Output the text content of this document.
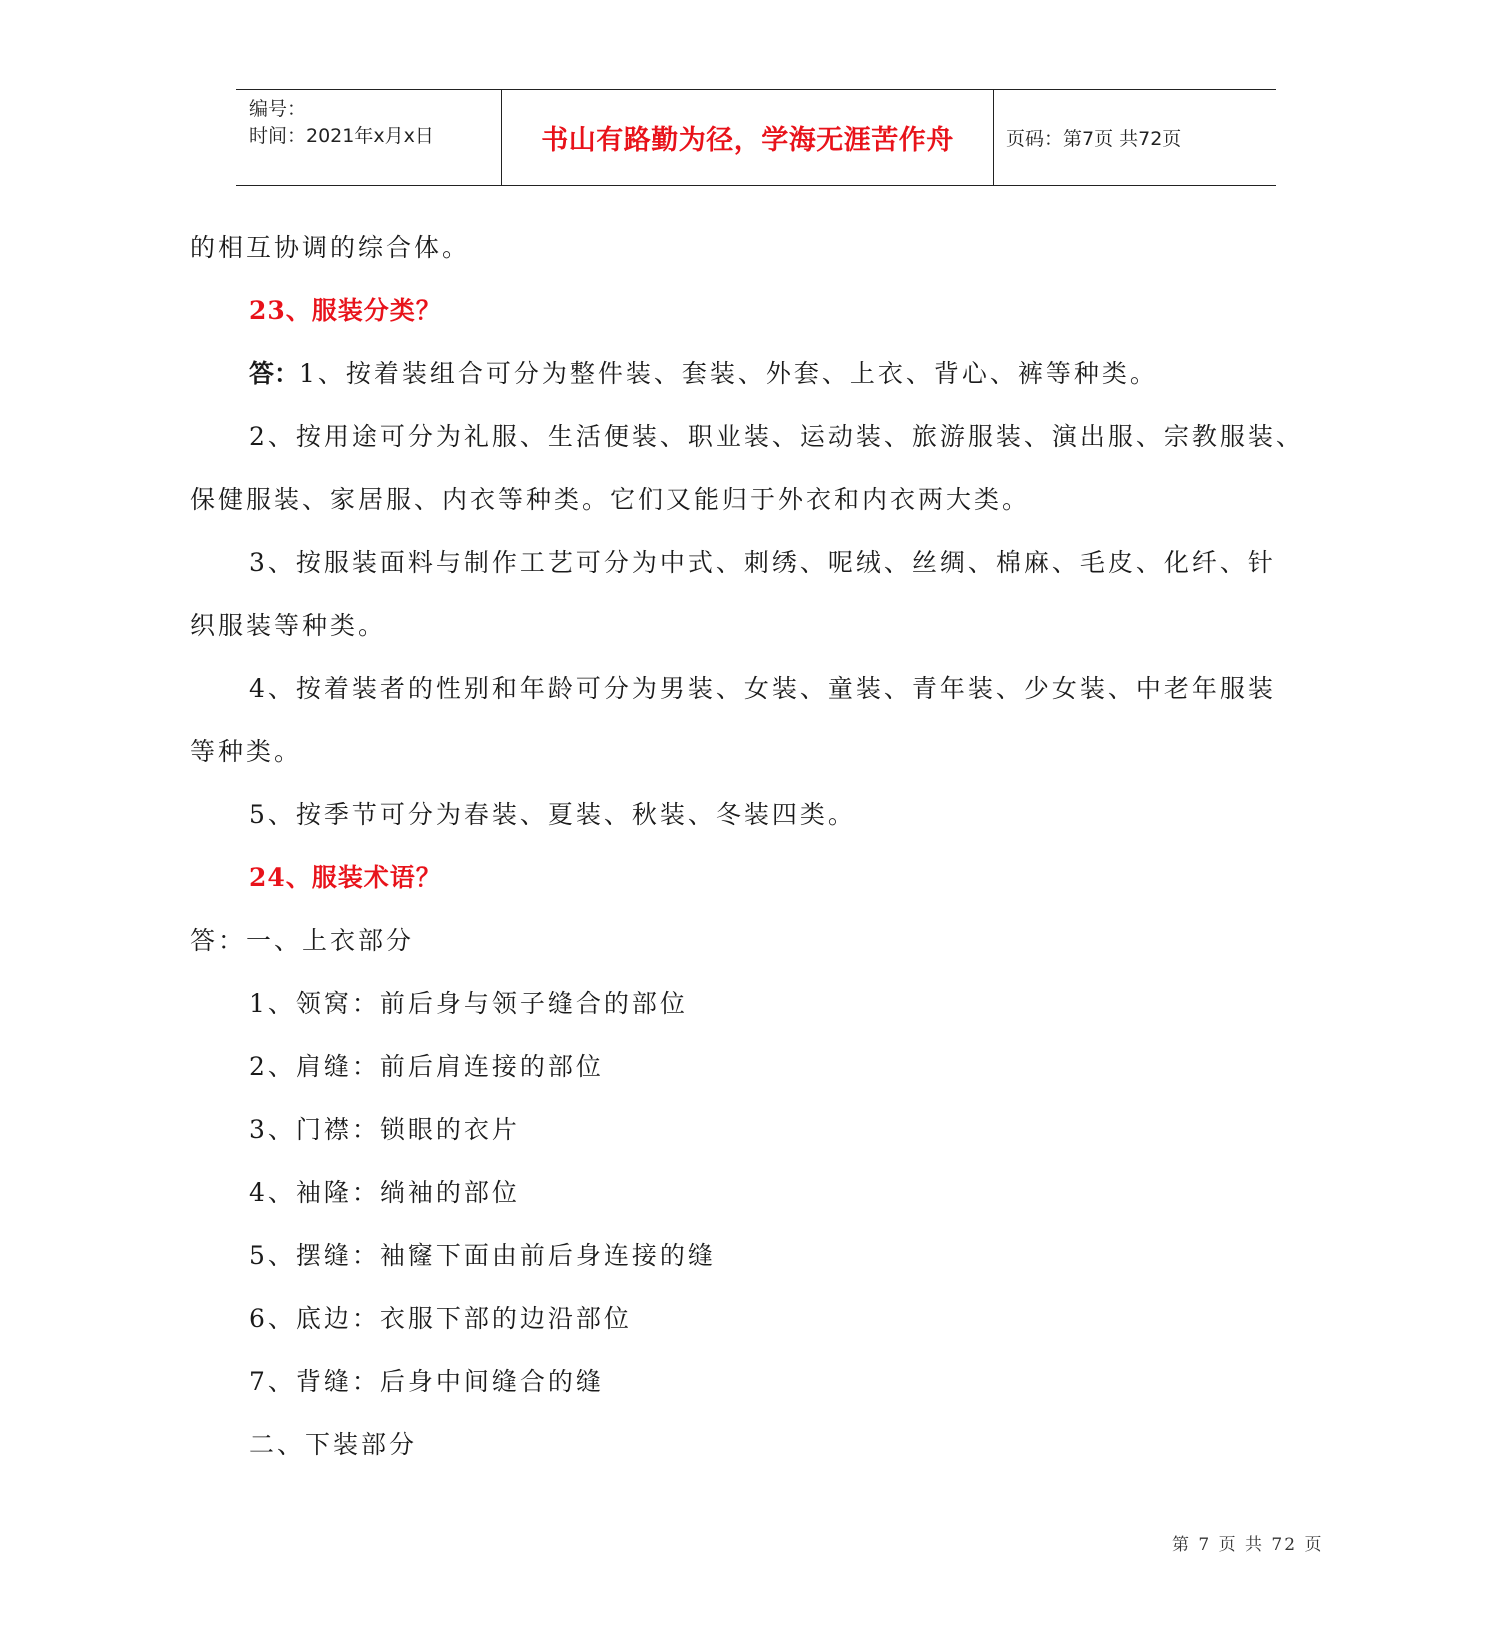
编号：
时间：2021年x月x日	书山有路勤为径，学海无涯苦作舟	页码：第7页 共72页
的相互协调的综合体。
23、服装分类？
答：1、按着装组合可分为整件装、套装、外套、上衣、背心、裤等种类。
2、按用途可分为礼服、生活便装、职业装、运动装、旅游服装、演出服、宗教服装、
保健服装、家居服、内衣等种类。它们又能归于外衣和内衣两大类。
3、按服装面料与制作工艺可分为中式、刺绣、呢绒、丝绸、棉麻、毛皮、化纤、针
织服装等种类。
4、按着装者的性别和年龄可分为男装、女装、童装、青年装、少女装、中老年服装
等种类。
5、按季节可分为春装、夏装、秋装、冬装四类。
24、服装术语？
答：一、上衣部分
1、领窝：前后身与领子缝合的部位
2、肩缝：前后肩连接的部位
3、门襟：锁眼的衣片
4、袖隆：绱袖的部位
5、摆缝：袖窿下面由前后身连接的缝
6、底边：衣服下部的边沿部位
7、背缝：后身中间缝合的缝
二、下装部分
第 7 页 共 72 页
